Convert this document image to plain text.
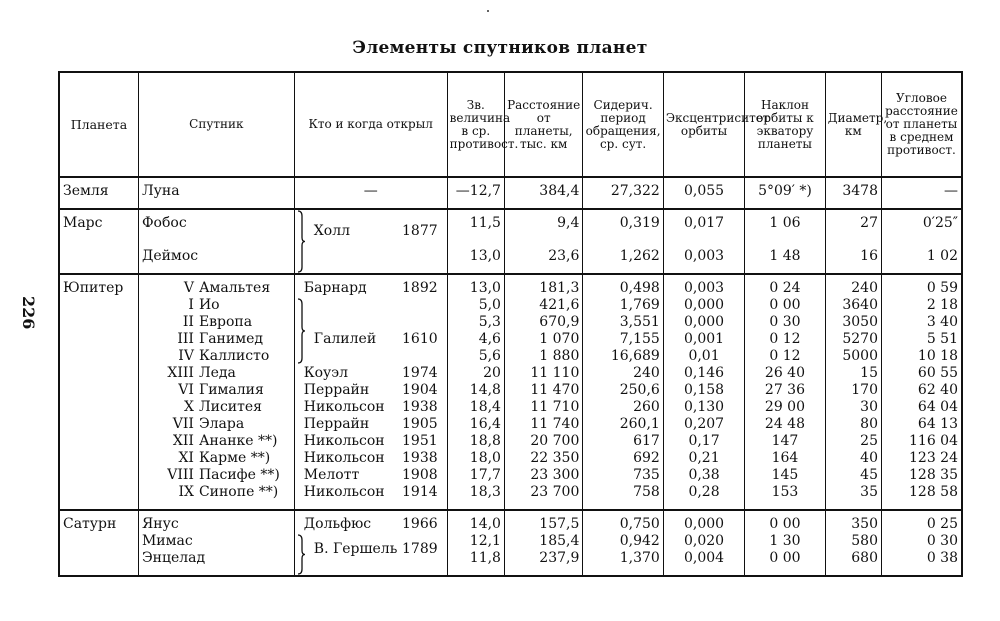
226
Элементы спутников планет
Планета	Спутник	Кто и когда открыл	Зв. величина в ср. противост.	Расстояние от планеты, тыс. км	Сидерич. период обращения, ср. сут.	Эксцентриситет орбиты	Наклон орбиты к экватору планеты	Диаметр, км	Угловое расстояние от планеты в среднем противост.
Земля	Луна	—	—12,7	384,4	27,322	0,055	5°09′ *)	3478	—
Марс	Фобос	Холл 1877	11,5	9,4	0,319	0,017	1 06	27	0′25″
	Деймос		13,0	23,6	1,262	0,003	1 48	16	1 02
Юпитер	V Амальтея	Барнард 1892	13,0	181,3	0,498	0,003	0 24	240	0 59
	I Ио		5,0	421,6	1,769	0,000	0 00	3640	2 18
	II Европа		5,3	670,9	3,551	0,000	0 30	3050	3 40
	III Ганимед	Галилей 1610	4,6	1 070	7,155	0,001	0 12	5270	5 51
	IV Каллисто		5,6	1 880	16,689	0,01	0 12	5000	10 18
	XIII Леда	Коуэл 1974	20	11 110	240	0,146	26 40	15	60 55
	VI Гималия	Перрайн 1904	14,8	11 470	250,6	0,158	27 36	170	62 40
	X Лиситея	Никольсон 1938	18,4	11 710	260	0,130	29 00	30	64 04
	VII Элара	Перрайн 1905	16,4	11 740	260,1	0,207	24 48	80	64 13
	XII Ананке **)	Никольсон 1951	18,8	20 700	617	0,17	147	25	116 04
	XI Карме **)	Никольсон 1938	18,0	22 350	692	0,21	164	40	123 24
	VIII Пасифе **)	Мелотт 1908	17,7	23 300	735	0,38	145	45	128 35
	IX Синопе **)	Никольсон 1914	18,3	23 700	758	0,28	153	35	128 58
Сатурн	Янус	Дольфюс 1966	14,0	157,5	0,750	0,000	0 00	350	0 25
	Мимас	В. Гершель 1789	12,1	185,4	0,942	0,020	1 30	580	0 30
	Энцелад		11,8	237,9	1,370	0,004	0 00	680	0 38
